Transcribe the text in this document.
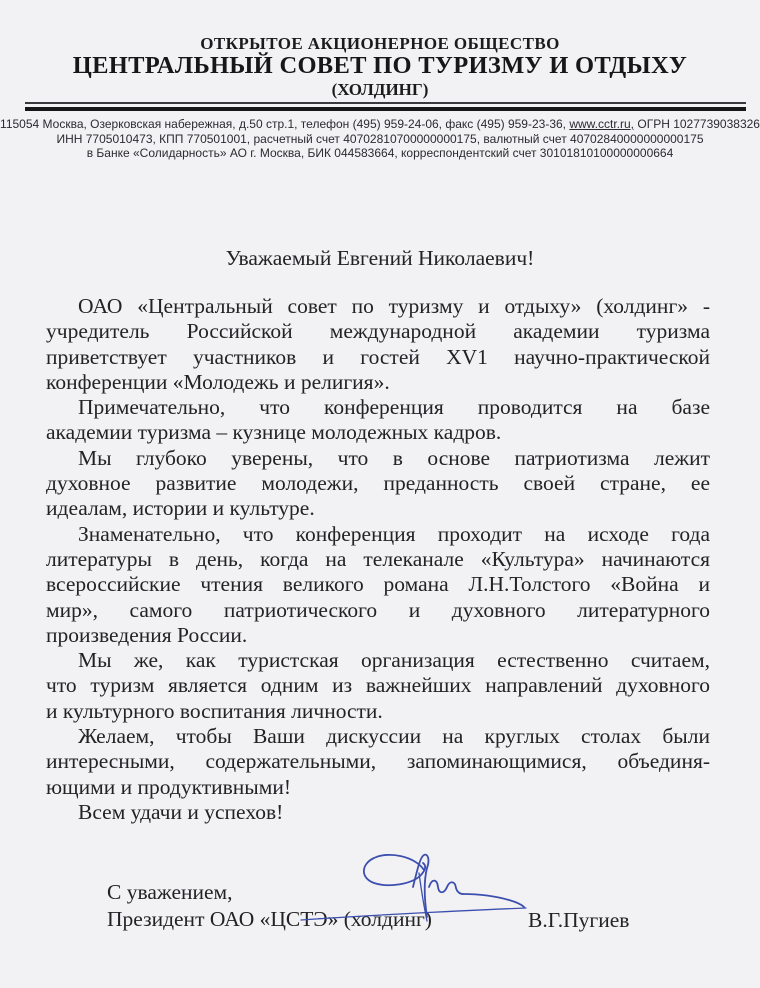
ОТКРЫТОЕ АКЦИОНЕРНОЕ ОБЩЕСТВО
ЦЕНТРАЛЬНЫЙ СОВЕТ ПО ТУРИЗМУ И ОТДЫХУ
(ХОЛДИНГ)
115054 Москва, Озерковская набережная, д.50 стр.1, телефон (495) 959-24-06, факс (495) 959-23-36, www.cctr.ru, ОГРН 1027739038326
ИНН 7705010473, КПП 770501001, расчетный счет 40702810700000000175, валютный счет 40702840000000000175
в Банке «Солидарность» АО г. Москва, БИК 044583664, корреспондентский счет 30101810100000000664
Уважаемый Евгений Николаевич!
ОАО «Центральный совет по туризму и отдыху» (холдинг» -
учредитель Российской международной академии туризма
приветствует участников и гостей XV1 научно-практической
конференции «Молодежь и религия».
Примечательно, что конференция проводится на базе
академии туризма – кузнице молодежных кадров.
Мы глубоко уверены, что в основе патриотизма лежит
духовное развитие молодежи, преданность своей стране, ее
идеалам, истории и культуре.
Знаменательно, что конференция проходит на исходе года
литературы в день, когда на телеканале «Культура» начинаются
всероссийские чтения великого романа Л.Н.Толстого «Война и
мир», самого патриотического и духовного литературного
произведения России.
Мы же, как туристская организация естественно считаем,
что туризм является одним из важнейших направлений духовного
и культурного воспитания личности.
Желаем, чтобы Ваши дискуссии на круглых столах были
интересными, содержательными, запоминающимися, объединя-
ющими и продуктивными!
Всем удачи и успехов!
С уважением,
Президент ОАО «ЦСТЭ» (холдинг)	В.Г.Пугиев
